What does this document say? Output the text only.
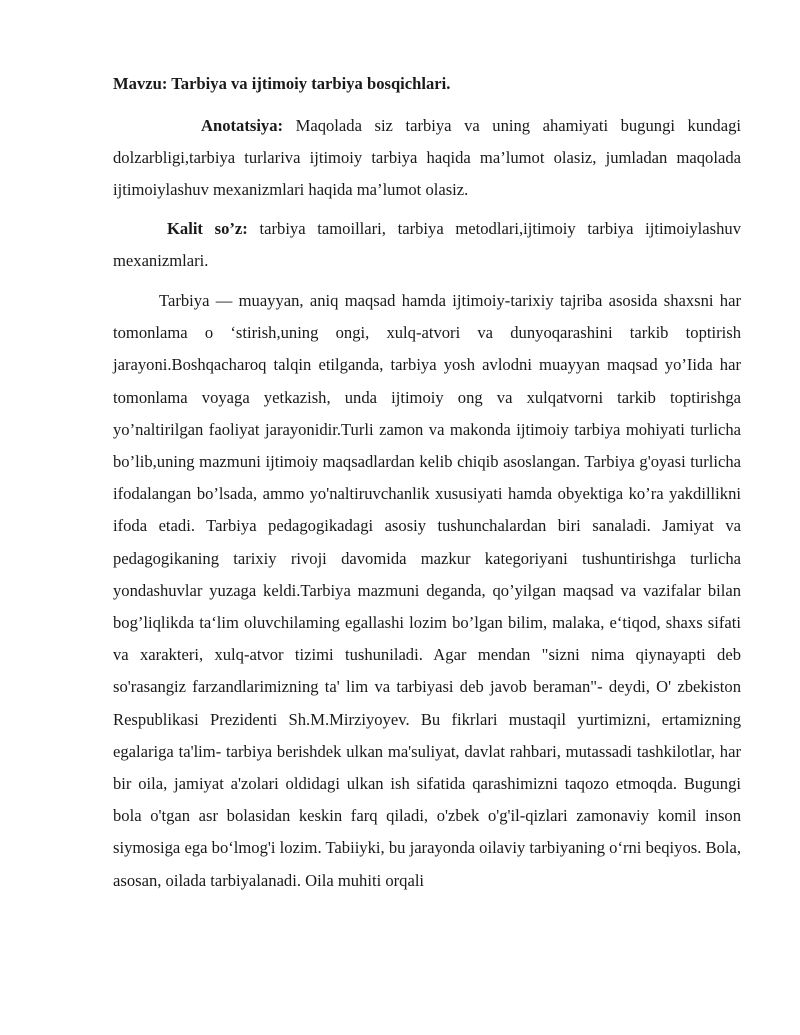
Mavzu: Tarbiya va ijtimoiy tarbiya bosqichlari.

Anotatsiya: Maqolada siz tarbiya va uning ahamiyati bugungi kundagi dolzarbligi,tarbiya turlariva ijtimoiy tarbiya haqida ma’lumot olasiz, jumladan maqolada ijtimoiylashuv mexanizmlari haqida ma’lumot olasiz.

Kalit so’z: tarbiya tamoillari, tarbiya metodlari,ijtimoiy tarbiya ijtimoiylashuv mexanizmlari.

Tarbiya — muayyan, aniq maqsad hamda ijtimoiy-tarixiy tajriba asosida shaxsni har tomonlama o ‘stirish,uning ongi, xulq-atvori va dunyoqarashini tarkib toptirish jarayoni.Boshqacharoq talqin etilganda, tarbiya yosh avlodni muayyan maqsad yo’Iida har tomonlama voyaga yetkazish, unda ijtimoiy ong va xulqatvorni tarkib toptirishga yo’naltirilgan faoliyat jarayonidir.Turli zamon va makonda ijtimoiy tarbiya mohiyati turlicha bo’lib,uning mazmuni ijtimoiy maqsadlardan kelib chiqib asoslangan. Tarbiya g'oyasi turlicha ifodalangan bo’lsada, ammo yo'naltiruvchanlik xususiyati hamda obyektiga ko’ra yakdillikni ifoda etadi. Tarbiya pedagogikadagi asosiy tushunchalardan biri sanaladi. Jamiyat va pedagogikaning tarixiy rivoji davomida mazkur kategoriyani tushuntirishga turlicha yondashuvlar yuzaga keldi.Tarbiya mazmuni deganda, qo’yilgan maqsad va vazifalar bilan bog’liqlikda ta‘lim oluvchilaming egallashi lozim bo’lgan bilim, malaka, e‘tiqod, shaxs sifati va xarakteri, xulq-atvor tizimi tushuniladi. Agar mendan "sizni nima qiynayapti deb so'rasangiz farzandlarimizning ta' lim va tarbiyasi deb javob beraman"- deydi, O' zbekiston Respublikasi Prezidenti Sh.M.Mirziyoyev. Bu fikrlari mustaqil yurtimizni, ertamizning egalariga ta'lim- tarbiya berishdek ulkan ma'suliyat, davlat rahbari, mutassadi tashkilotlar, har bir oila, jamiyat a'zolari oldidagi ulkan ish sifatida qarashimizni taqozo etmoqda. Bugungi bola o'tgan asr bolasidan keskin farq qiladi, o'zbek o'g'il-qizlari zamonaviy komil inson siymosiga ega bo‘lmog'i lozim. Tabiiyki, bu jarayonda oilaviy tarbiyaning o‘rni beqiyos. Bola, asosan, oilada tarbiyalanadi. Oila muhiti orqali
